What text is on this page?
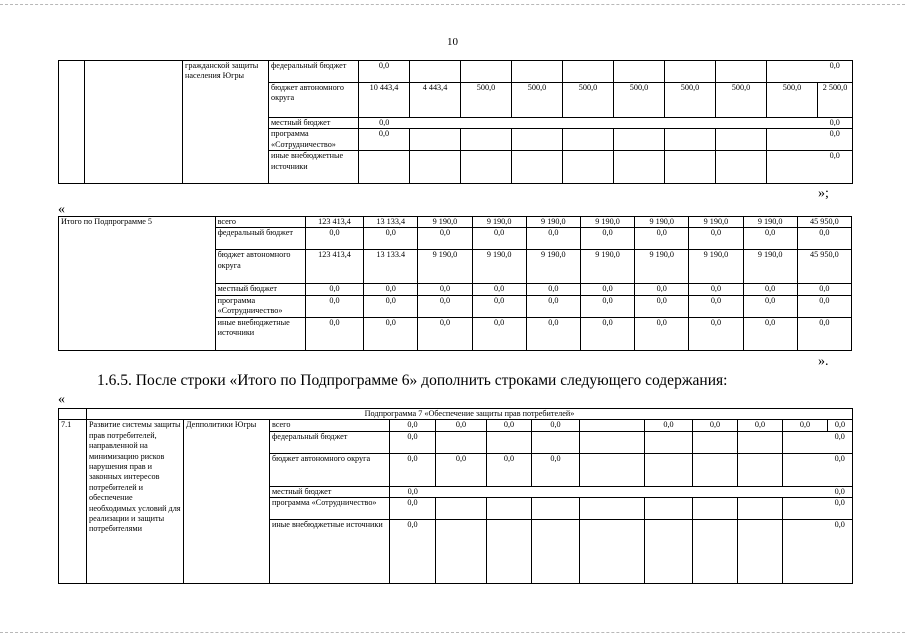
10
		гражданской защиты населения Югры	федеральный бюджет	0,0									0,0
			бюджет автономного округа	10 443,4	4 443,4	500,0	500,0	500,0	500,0	500,0	500,0	500,0	2 500,0
			местный бюджет	0,0									0,0
			программа «Сотрудничество»	0,0									0,0
			иные внебюджетные источники										0,0
»;
«
Итого по Подпрограмме 5	всего	123 413,4	13 133,4	9 190,0	9 190,0	9 190,0	9 190,0	9 190,0	9 190,0	9 190,0	45 950,0
	федеральный бюджет	0,0	0,0	0,0	0,0	0,0	0,0	0,0	0,0	0,0	0,0
	бюджет автономного округа	123 413,4	13 133.4	9 190,0	9 190,0	9 190,0	9 190,0	9 190,0	9 190,0	9 190,0	45 950,0
	местный бюджет	0,0	0,0	0,0	0,0	0,0	0,0	0,0	0,0	0,0	0,0
	программа «Сотрудничество»	0,0	0,0	0,0	0,0	0,0	0,0	0,0	0,0	0,0	0,0
	иные внебюджетные источники	0,0	0,0	0,0	0,0	0,0	0,0	0,0	0,0	0,0	0,0
».
1.6.5. После строки «Итого по Подпрограмме 6» дополнить строками следующего содержания:
«
	Подпрограмма 7 «Обеспечение защиты прав потребителей»												
7.1	Развитие системы защиты прав потребителей, направленной на минимизацию рисков нарушения прав и законных интересов потребителей и обеспечение необходимых условий для реализации и защиты потребителями	Депполитики Югры	всего	0,0	0,0	0,0	0,0		0,0	0,0	0,0	0,0	0,0
			федеральный бюджет	0,0									0,0
			бюджет автономного округа	0,0	0,0	0,0	0,0						0,0
			местный бюджет	0,0									0,0
			программа «Сотрудничество»	0,0									0,0
			иные внебюджетные источники	0,0									0,0
